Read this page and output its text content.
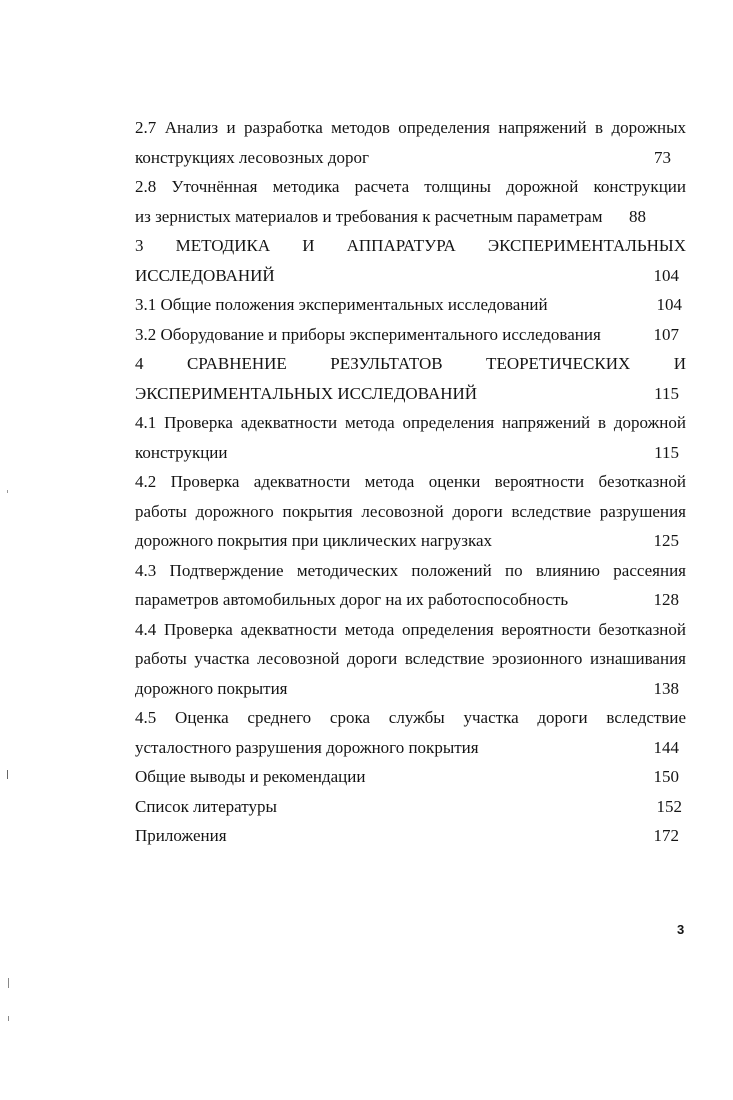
2.7 Анализ и разработка методов определения напряжений в дорожных
конструкциях лесовозных дорог	73
2.8 Уточнённая методика расчета толщины дорожной конструкции
из зернистых материалов и требования к расчетным параметрам 88
3 МЕТОДИКА И АППАРАТУРА ЭКСПЕРИМЕНТАЛЬНЫХ
ИССЛЕДОВАНИЙ	104
3.1 Общие положения экспериментальных исследований	104
3.2 Оборудование и приборы экспериментального исследования	107
4 СРАВНЕНИЕ РЕЗУЛЬТАТОВ ТЕОРЕТИЧЕСКИХ И
ЭКСПЕРИМЕНТАЛЬНЫХ ИССЛЕДОВАНИЙ	115
4.1 Проверка адекватности метода определения напряжений в дорожной
конструкции	115
4.2 Проверка адекватности метода оценки вероятности безотказной
работы дорожного покрытия лесовозной дороги вследствие разрушения
дорожного покрытия при циклических нагрузках	125
4.3 Подтверждение методических положений по влиянию рассеяния
параметров автомобильных дорог на их работоспособность	128
4.4 Проверка адекватности метода определения вероятности безотказной
работы участка лесовозной дороги вследствие эрозионного изнашивания
дорожного покрытия	138
4.5 Оценка среднего срока службы участка дороги вследствие
усталостного разрушения дорожного покрытия	144
Общие выводы и рекомендации	150
Список литературы	152
Приложения	172
3
